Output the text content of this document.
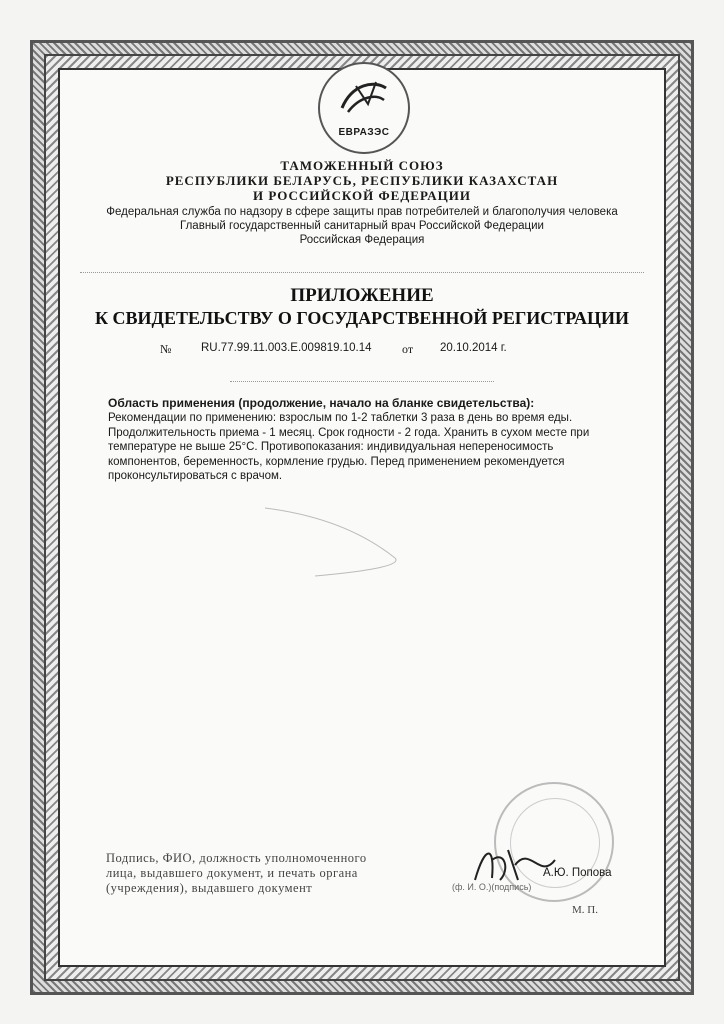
ЕВРАЗЭС
ТАМОЖЕННЫЙ СОЮЗ
РЕСПУБЛИКИ БЕЛАРУСЬ, РЕСПУБЛИКИ КАЗАХСТАН
И РОССИЙСКОЙ ФЕДЕРАЦИИ
Федеральная служба по надзору в сфере защиты прав потребителей и благополучия человека
Главный государственный санитарный врач Российской Федерации
Российская Федерация
ПРИЛОЖЕНИЕ
К СВИДЕТЕЛЬСТВУ О ГОСУДАРСТВЕННОЙ РЕГИСТРАЦИИ
№	RU.77.99.11.003.E.009819.10.14	от 20.10.2014 г.
Область применения (продолжение, начало на бланке свидетельства):
Рекомендации по применению: взрослым по 1-2 таблетки 3 раза в день во время еды. Продолжительность приема - 1 месяц. Срок годности - 2 года. Хранить в сухом месте при температуре не выше 25°С. Противопоказания: индивидуальная непереносимость компонентов, беременность, кормление грудью. Перед применением рекомендуется проконсультироваться с врачом.
Подпись, ФИО, должность уполномоченного
лица, выдавшего документ, и печать органа
(учреждения), выдавшего документ
А.Ю. Попова
(ф. И. О.)(подпись)
М. П.
